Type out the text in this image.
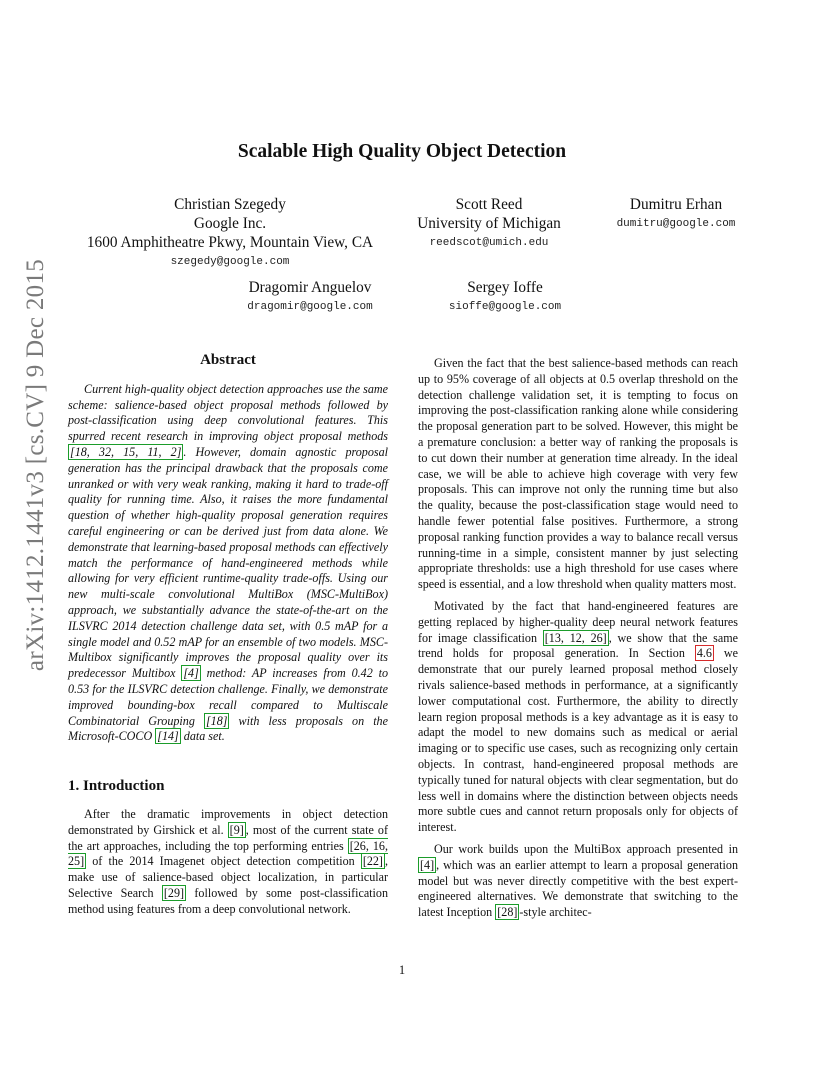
arXiv:1412.1441v3 [cs.CV] 9 Dec 2015
Scalable High Quality Object Detection
Christian Szegedy
Google Inc.
1600 Amphitheatre Pkwy, Mountain View, CA
szegedy@google.com
Scott Reed
University of Michigan
reedscot@umich.edu
Dumitru Erhan
dumitru@google.com
Dragomir Anguelov
dragomir@google.com
Sergey Ioffe
sioffe@google.com
Abstract

Current high-quality object detection approaches use the same scheme: salience-based object proposal methods followed by post-classification using deep convolutional features. This spurred recent research in improving object proposal methods [18, 32, 15, 11, 2] . However, domain agnostic proposal generation has the principal drawback that the proposals come unranked or with very weak ranking, making it hard to trade-off quality for running time. Also, it raises the more fundamental question of whether high-quality proposal generation requires careful engineering or can be derived just from data alone. We demonstrate that learning-based proposal methods can effectively match the performance of hand-engineered methods while allowing for very efficient runtime-quality trade-offs. Using our new multi-scale convolutional MultiBox (MSC-MultiBox) approach, we substantially advance the state-of-the-art on the ILSVRC 2014 detection challenge data set, with 0.5 mAP for a single model and 0.52 mAP for an ensemble of two models. MSC-Multibox significantly improves the proposal quality over its predecessor Multibox [4] method: AP increases from 0.42 to 0.53 for the ILSVRC detection challenge. Finally, we demonstrate improved bounding-box recall compared to Multiscale Combinatorial Grouping [18] with less proposals on the Microsoft-COCO [14] data set.

1. Introduction

After the dramatic improvements in object detection demonstrated by Girshick et al. [9] , most of the current state of the art approaches, including the top performing entries [26, 16, 25] of the 2014 Imagenet object detection competition [22] , make use of salience-based object localization, in particular Selective Search [29] followed by some post-classification method using features from a deep convolutional network.

Given the fact that the best salience-based methods can reach up to 95% coverage of all objects at 0.5 overlap threshold on the detection challenge validation set, it is tempting to focus on improving the post-classification ranking alone while considering the proposal generation part to be solved. However, this might be a premature conclusion: a better way of ranking the proposals is to cut down their number at generation time already. In the ideal case, we will be able to achieve high coverage with very few proposals. This can improve not only the running time but also the quality, because the post-classification stage would need to handle fewer potential false positives. Furthermore, a strong proposal ranking function provides a way to balance recall versus running-time in a simple, consistent manner by just selecting appropriate thresholds: use a high threshold for use cases where speed is essential, and a low threshold when quality matters most.

Motivated by the fact that hand-engineered features are getting replaced by higher-quality deep neural network features for image classification [13, 12, 26] , we show that the same trend holds for proposal generation. In Section 4.6 we demonstrate that our purely learned proposal method closely rivals salience-based methods in performance, at a significantly lower computational cost. Furthermore, the ability to directly learn region proposal methods is a key advantage as it is easy to adapt the model to new domains such as medical or aerial imaging or to specific use cases, such as recognizing only certain objects. In contrast, hand-engineered proposal methods are typically tuned for natural objects with clear segmentation, but do less well in domains where the distinction between objects needs more subtle cues and cannot return proposals only for objects of interest.

Our work builds upon the MultiBox approach presented in [4] , which was an earlier attempt to learn a proposal generation model but was never directly competitive with the best expert-engineered alternatives. We demonstrate that switching to the latest Inception [28] -style architec-

1
